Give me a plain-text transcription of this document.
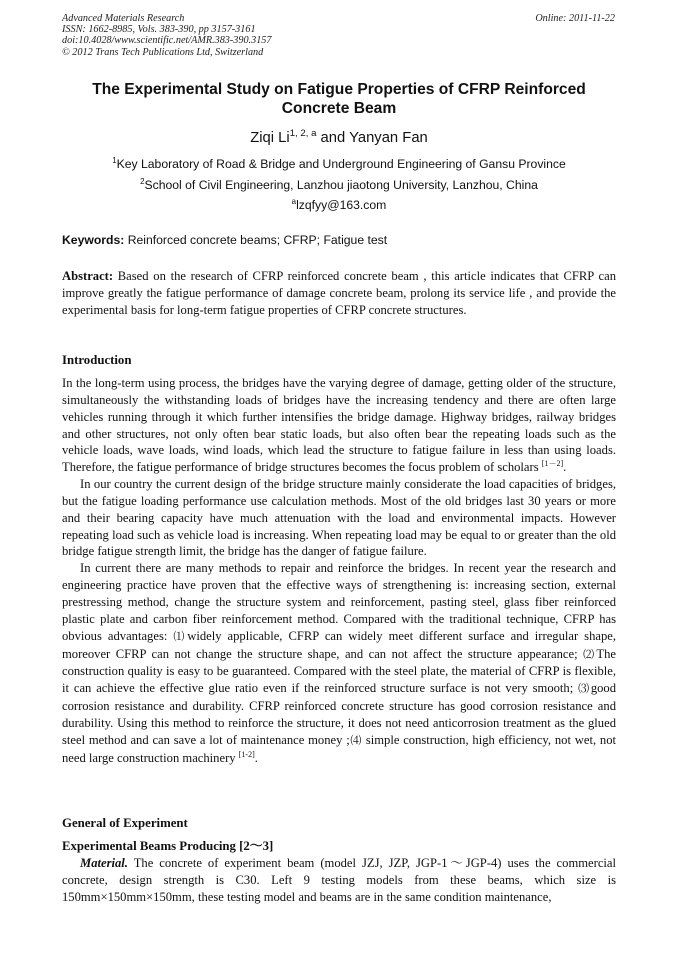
Advanced Materials Research
ISSN: 1662-8985, Vols. 383-390, pp 3157-3161
doi:10.4028/www.scientific.net/AMR.383-390.3157
© 2012 Trans Tech Publications Ltd, Switzerland
Online: 2011-11-22
The Experimental Study on Fatigue Properties of CFRP Reinforced Concrete Beam
Ziqi Li$^{1, 2, a}$ and Yanyan Fan
$^1$Key Laboratory of Road & Bridge and Underground Engineering of Gansu Province
$^2$School of Civil Engineering, Lanzhou jiaotong University, Lanzhou, China
$^a$lzqfyy@163.com
Keywords: Reinforced concrete beams; CFRP; Fatigue test
Abstract: Based on the research of CFRP reinforced concrete beam , this article indicates that CFRP can improve greatly the fatigue performance of damage concrete beam, prolong its service life , and provide the experimental basis for long-term fatigue properties of CFRP concrete structures.
Introduction

In the long-term using process, the bridges have the varying degree of damage, getting older of the structure, simultaneously the withstanding loads of bridges have the increasing tendency and there are often large vehicles running through it which further intensifies the bridge damage. Highway bridges, railway bridges and other structures, not only often bear static loads, but also often bear the repeating loads such as the vehicle loads, wave loads, wind loads, which lead the structure to fatigue failure in less than using loads. Therefore, the fatigue performance of bridge structures becomes the focus problem of scholars [1－2].

In our country the current design of the bridge structure mainly considerate the load capacities of bridges, but the fatigue loading performance use calculation methods. Most of the old bridges last 30 years or more and their bearing capacity have much attenuation with the load and environmental impacts. However repeating load such as vehicle load is increasing. When repeating load may be equal to or greater than the old bridge fatigue strength limit, the bridge has the danger of fatigue failure.

In current there are many methods to repair and reinforce the bridges. In recent year the research and engineering practice have proven that the effective ways of strengthening is: increasing section, external prestressing method, change the structure system and reinforcement, pasting steel, glass fiber reinforced plastic plate and carbon fiber reinforcement method. Compared with the traditional technique, CFRP has obvious advantages: ⑴widely applicable, CFRP can widely meet different surface and irregular shape, moreover CFRP can not change the structure shape, and can not affect the structure appearance; ⑵The construction quality is easy to be guaranteed. Compared with the steel plate, the material of CFRP is flexible, it can achieve the effective glue ratio even if the reinforced structure surface is not very smooth; ⑶good corrosion resistance and durability. CFRP reinforced concrete structure has good corrosion resistance and durability. Using this method to reinforce the structure, it does not need anticorrosion treatment as the glued steel method and can save a lot of maintenance money ;⑷ simple construction, high efficiency, not wet, not need large construction machinery [1-2].

General of Experiment
Experimental Beams Producing [2～3]

Material. The concrete of experiment beam (model JZJ, JZP, JGP-1～JGP-4) uses the commercial concrete, design strength is C30. Left 9 testing models from these beams, which size is 150mm×150mm×150mm, these testing model and beams are in the same condition maintenance,
